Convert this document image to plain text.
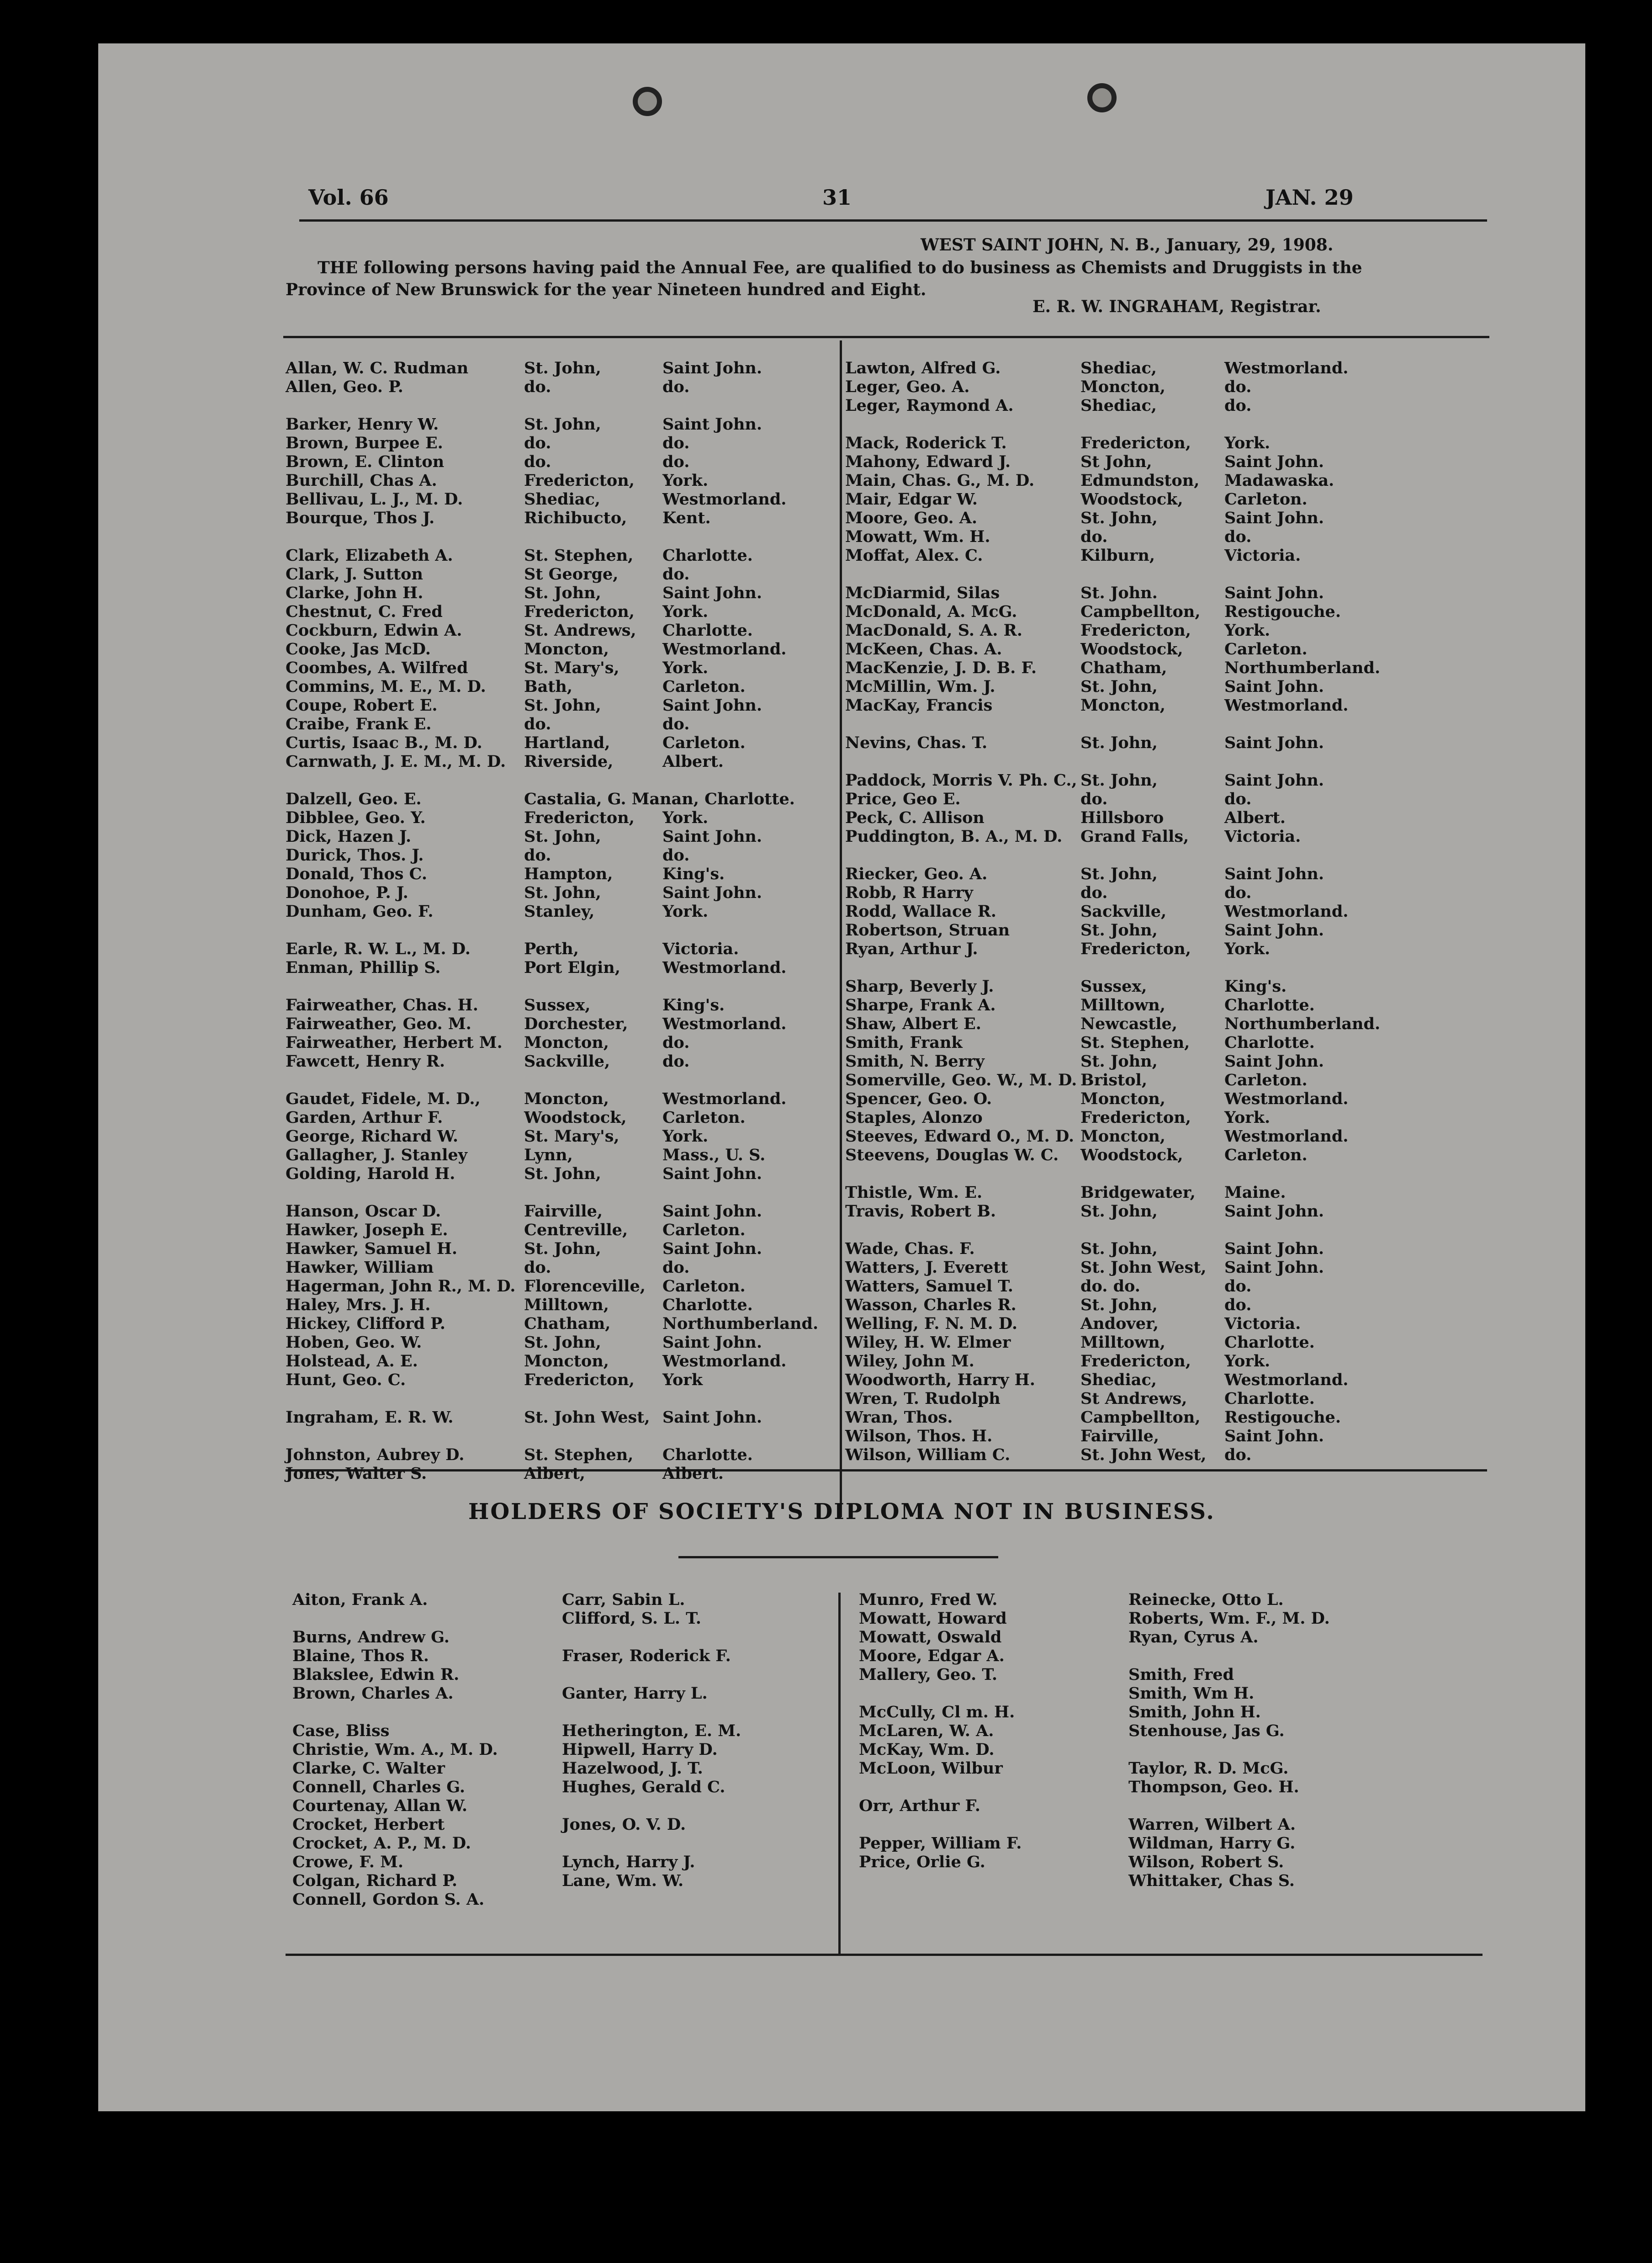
Vol. 66	31	JAN. 29
WEST SAINT JOHN, N. B., January, 29, 1908.
THE following persons having paid the Annual Fee, are qualified to do business as Chemists and Druggists in the
Province of New Brunswick for the year Nineteen hundred and Eight.
E. R. W. INGRAHAM, Registrar.
Allan, W. C. Rudman	St. John,	Saint John.
Allen, Geo. P.	do.	do.
Barker, Henry W.	St. John,	Saint John.
Brown, Burpee E.	do.	do.
Brown, E. Clinton	do.	do.
Burchill, Chas A.	Fredericton,	York.
Bellivau, L. J., M. D.	Shediac,	Westmorland.
Bourque, Thos J.	Richibucto,	Kent.
Clark, Elizabeth A.	St. Stephen,	Charlotte.
Clark, J. Sutton	St George,	do.
Clarke, John H.	St. John,	Saint John.
Chestnut, C. Fred	Fredericton,	York.
Cockburn, Edwin A.	St. Andrews,	Charlotte.
Cooke, Jas McD.	Moncton,	Westmorland.
Coombes, A. Wilfred	St. Mary's,	York.
Commins, M. E., M. D.	Bath,	Carleton.
Coupe, Robert E.	St. John,	Saint John.
Craibe, Frank E.	do.	do.
Curtis, Isaac B., M. D.	Hartland,	Carleton.
Carnwath, J. E. M., M. D.	Riverside,	Albert.
Dalzell, Geo. E.	Castalia, G. Manan, Charlotte.
Dibblee, Geo. Y.	Fredericton,	York.
Dick, Hazen J.	St. John,	Saint John.
Durick, Thos. J.	do.	do.
Donald, Thos C.	Hampton,	King's.
Donohoe, P. J.	St. John,	Saint John.
Dunham, Geo. F.	Stanley,	York.
Earle, R. W. L., M. D.	Perth,	Victoria.
Enman, Phillip S.	Port Elgin,	Westmorland.
Fairweather, Chas. H.	Sussex,	King's.
Fairweather, Geo. M.	Dorchester,	Westmorland.
Fairweather, Herbert M.	Moncton,	do.
Fawcett, Henry R.	Sackville,	do.
Gaudet, Fidele, M. D.,	Moncton,	Westmorland.
Garden, Arthur F.	Woodstock,	Carleton.
George, Richard W.	St. Mary's,	York.
Gallagher, J. Stanley	Lynn,	Mass., U. S.
Golding, Harold H.	St. John,	Saint John.
Hanson, Oscar D.	Fairville,	Saint John.
Hawker, Joseph E.	Centreville,	Carleton.
Hawker, Samuel H.	St. John,	Saint John.
Hawker, William	do.	do.
Hagerman, John R., M. D. Florenceville,	Carleton.
Haley, Mrs. J. H.	Milltown,	Charlotte.
Hickey, Clifford P.	Chatham,	Northumberland.
Hoben, Geo. W.	St. John,	Saint John.
Holstead, A. E.	Moncton,	Westmorland.
Hunt, Geo. C.	Fredericton,	York
Ingraham, E. R. W.	St. John West, Saint John.
Johnston, Aubrey D.	St. Stephen,	Charlotte.
Jones, Walter S.	Albert,	Albert.
Lawton, Alfred G.	Shediac,	Westmorland.
Leger, Geo. A.	Moncton,	do.
Leger, Raymond A.	Shediac,	do.
Mack, Roderick T.	Fredericton,	York.
Mahony, Edward J.	St John,	Saint John.
Main, Chas. G., M. D.	Edmundston,	Madawaska.
Mair, Edgar W.	Woodstock,	Carleton.
Moore, Geo. A.	St. John,	Saint John.
Mowatt, Wm. H.	do.	do.
Moffat, Alex. C.	Kilburn,	Victoria.
McDiarmid, Silas	St. John.	Saint John.
McDonald, A. McG.	Campbellton,	Restigouche.
MacDonald, S. A. R.	Fredericton,	York.
McKeen, Chas. A.	Woodstock,	Carleton.
MacKenzie, J. D. B. F.	Chatham,	Northumberland.
McMillin, Wm. J.	St. John,	Saint John.
MacKay, Francis	Moncton,	Westmorland.
Nevins, Chas. T.	St. John,	Saint John.
Paddock, Morris V. Ph. C., St. John,	Saint John.
Price, Geo E.	do.	do.
Peck, C. Allison	Hillsboro	Albert.
Puddington, B. A., M. D.	Grand Falls,	Victoria.
Riecker, Geo. A.	St. John,	Saint John.
Robb, R Harry	do.	do.
Rodd, Wallace R.	Sackville,	Westmorland.
Robertson, Struan	St. John,	Saint John.
Ryan, Arthur J.	Fredericton,	York.
Sharp, Beverly J.	Sussex,	King's.
Sharpe, Frank A.	Milltown,	Charlotte.
Shaw, Albert E.	Newcastle,	Northumberland.
Smith, Frank	St. Stephen,	Charlotte.
Smith, N. Berry	St. John,	Saint John.
Somerville, Geo. W., M. D. Bristol,	Carleton.
Spencer, Geo. O.	Moncton,	Westmorland.
Staples, Alonzo	Fredericton,	York.
Steeves, Edward O., M. D. Moncton,	Westmorland.
Steevens, Douglas W. C.	Woodstock,	Carleton.
Thistle, Wm. E.	Bridgewater,	Maine.
Travis, Robert B.	St. John,	Saint John.
Wade, Chas. F.	St. John,	Saint John.
Watters, J. Everett	St. John West,	Saint John.
Watters, Samuel T.	do. do.	do.
Wasson, Charles R.	St. John,	do.
Welling, F. N. M. D.	Andover,	Victoria.
Wiley, H. W. Elmer	Milltown,	Charlotte.
Wiley, John M.	Fredericton,	York.
Woodworth, Harry H.	Shediac,	Westmorland.
Wren, T. Rudolph	St Andrews,	Charlotte.
Wran, Thos.	Campbellton,	Restigouche.
Wilson, Thos. H.	Fairville,	Saint John.
Wilson, William C.	St. John West,	do.
HOLDERS OF SOCIETY'S DIPLOMA NOT IN BUSINESS.
Aiton, Frank A.
Burns, Andrew G.
Blaine, Thos R.
Blakslee, Edwin R.
Brown, Charles A.
Case, Bliss
Christie, Wm. A., M. D.
Clarke, C. Walter
Connell, Charles G.
Courtenay, Allan W.
Crocket, Herbert
Crocket, A. P., M. D.
Crowe, F. M.
Colgan, Richard P.
Connell, Gordon S. A.
Carr, Sabin L.
Clifford, S. L. T.
Fraser, Roderick F.
Ganter, Harry L.
Hetherington, E. M.
Hipwell, Harry D.
Hazelwood, J. T.
Hughes, Gerald C.
Jones, O. V. D.
Lynch, Harry J.
Lane, Wm. W.
Munro, Fred W.
Mowatt, Howard
Mowatt, Oswald
Moore, Edgar A.
Mallery, Geo. T.
McCully, Cl m. H.
McLaren, W. A.
McKay, Wm. D.
McLoon, Wilbur
Orr, Arthur F.
Pepper, William F.
Price, Orlie G.
Reinecke, Otto L.
Roberts, Wm. F., M. D.
Ryan, Cyrus A.
Smith, Fred
Smith, Wm H.
Smith, John H.
Stenhouse, Jas G.
Taylor, R. D. McG.
Thompson, Geo. H.
Warren, Wilbert A.
Wildman, Harry G.
Wilson, Robert S.
Whittaker, Chas S.
